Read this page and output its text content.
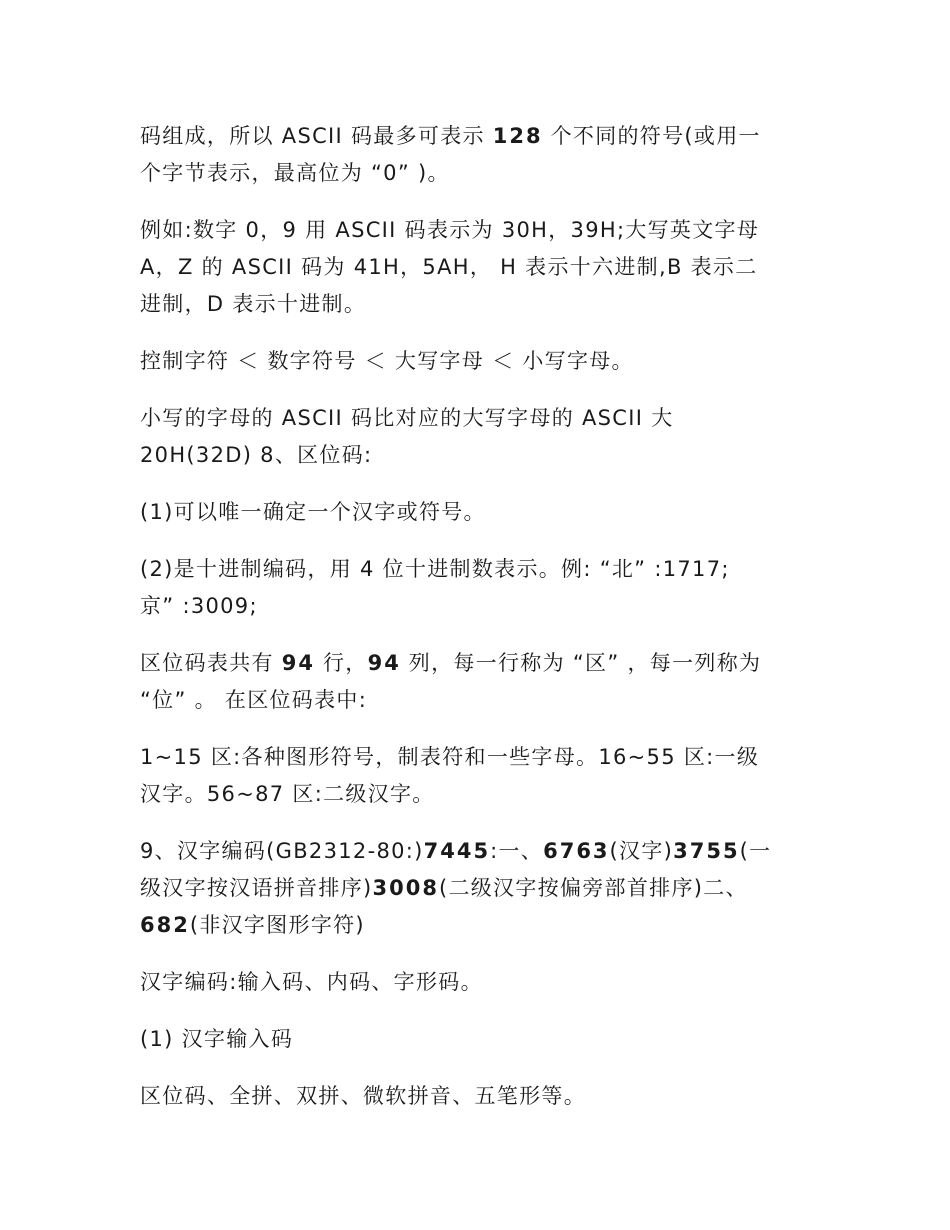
码组成，所以 ASCII 码最多可表示 128 个不同的符号(或用一
个字节表示，最高位为 “0” )。

例如:数字 0，9 用 ASCII 码表示为 30H，39H;大写英文字母
A，Z 的 ASCII 码为 41H，5AH， H 表示十六进制,B 表示二
进制，D 表示十进制。

控制字符 ＜ 数字符号 ＜ 大写字母 ＜ 小写字母。

小写的字母的 ASCII 码比对应的大写字母的 ASCII 大
20H(32D) 8、区位码:

(1)可以唯一确定一个汉字或符号。

(2)是十进制编码，用 4 位十进制数表示。例: “北” :1717;
京” :3009;

区位码表共有 94 行，94 列，每一行称为 “区” ，每一列称为
“位” 。 在区位码表中:

1~15 区:各种图形符号，制表符和一些字母。16~55 区:一级
汉字。56~87 区:二级汉字。

9、汉字编码(GB2312-80:)7445:一、6763(汉字)3755(一
级汉字按汉语拼音排序)3008(二级汉字按偏旁部首排序)二、
682(非汉字图形字符)

汉字编码:输入码、内码、字形码。

(1) 汉字输入码

区位码、全拼、双拼、微软拼音、五笔形等。
